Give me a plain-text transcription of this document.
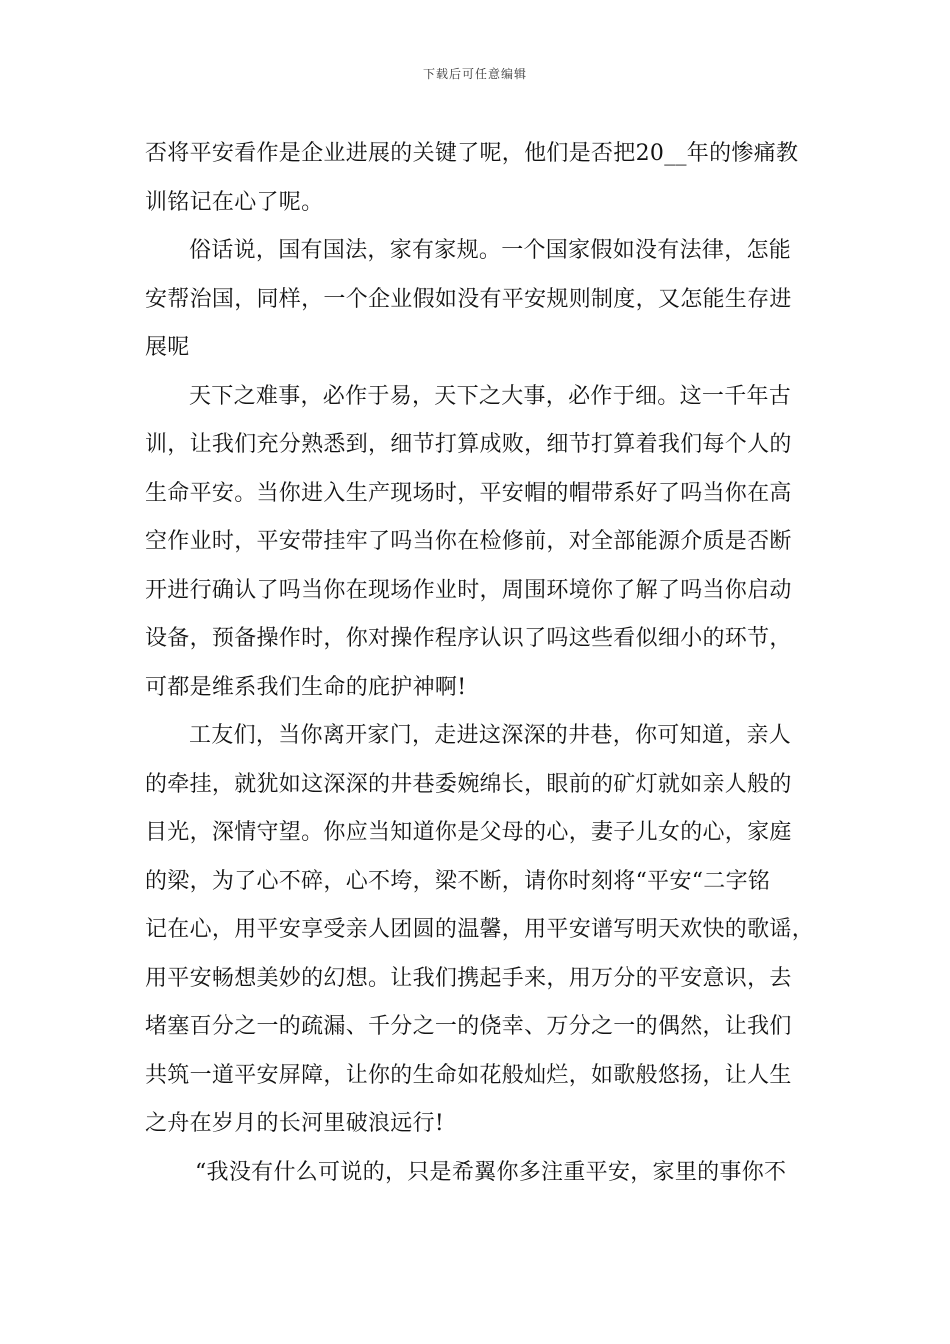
下载后可任意编辑
否将平安看作是企业进展的关键了呢，他们是否把20__年的惨痛教
训铭记在心了呢。
俗话说，国有国法，家有家规。一个国家假如没有法律，怎能
安帮治国，同样，一个企业假如没有平安规则制度，又怎能生存进
展呢
天下之难事，必作于易，天下之大事，必作于细。这一千年古
训，让我们充分熟悉到，细节打算成败，细节打算着我们每个人的
生命平安。当你进入生产现场时，平安帽的帽带系好了吗当你在高
空作业时，平安带挂牢了吗当你在检修前，对全部能源介质是否断
开进行确认了吗当你在现场作业时，周围环境你了解了吗当你启动
设备，预备操作时，你对操作程序认识了吗这些看似细小的环节，
可都是维系我们生命的庇护神啊!
工友们，当你离开家门，走进这深深的井巷，你可知道，亲人
的牵挂，就犹如这深深的井巷委婉绵长，眼前的矿灯就如亲人般的
目光，深情守望。你应当知道你是父母的心，妻子儿女的心，家庭
的梁，为了心不碎，心不垮，梁不断，请你时刻将“平安“二字铭
记在心，用平安享受亲人团圆的温馨，用平安谱写明天欢快的歌谣，
用平安畅想美妙的幻想。让我们携起手来，用万分的平安意识，去
堵塞百分之一的疏漏、千分之一的侥幸、万分之一的偶然，让我们
共筑一道平安屏障，让你的生命如花般灿烂，如歌般悠扬，让人生
之舟在岁月的长河里破浪远行!
“我没有什么可说的，只是希翼你多注重平安，家里的事你不
